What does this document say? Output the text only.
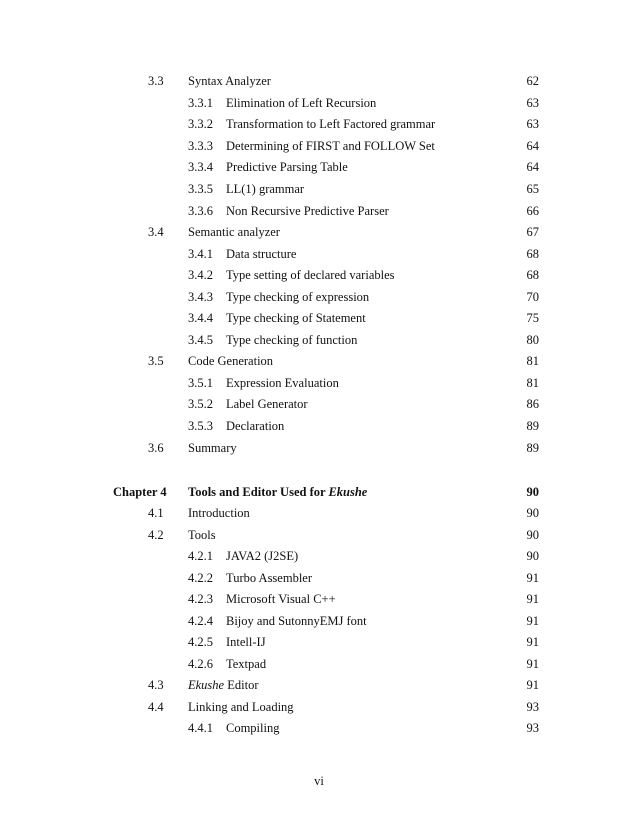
3.3 Syntax Analyzer	62
3.3.1 Elimination of Left Recursion	63
3.3.2 Transformation to Left Factored grammar	63
3.3.3 Determining of FIRST and FOLLOW Set	64
3.3.4 Predictive Parsing Table	64
3.3.5 LL(1) grammar	65
3.3.6 Non Recursive Predictive Parser	66
3.4 Semantic analyzer	67
3.4.1 Data structure	68
3.4.2 Type setting of declared variables	68
3.4.3 Type checking of expression	70
3.4.4 Type checking of Statement	75
3.4.5 Type checking of function	80
3.5 Code Generation	81
3.5.1 Expression Evaluation	81
3.5.2 Label Generator	86
3.5.3 Declaration	89
3.6 Summary	89
Chapter 4 Tools and Editor Used for Ekushe	90
4.1 Introduction	90
4.2 Tools	90
4.2.1 JAVA2 (J2SE)	90
4.2.2 Turbo Assembler	91
4.2.3 Microsoft Visual C++	91
4.2.4 Bijoy and SutonnyEMJ font	91
4.2.5 Intell-IJ	91
4.2.6 Textpad	91
4.3 Ekushe Editor	91
4.4 Linking and Loading	93
4.4.1 Compiling	93
vi
